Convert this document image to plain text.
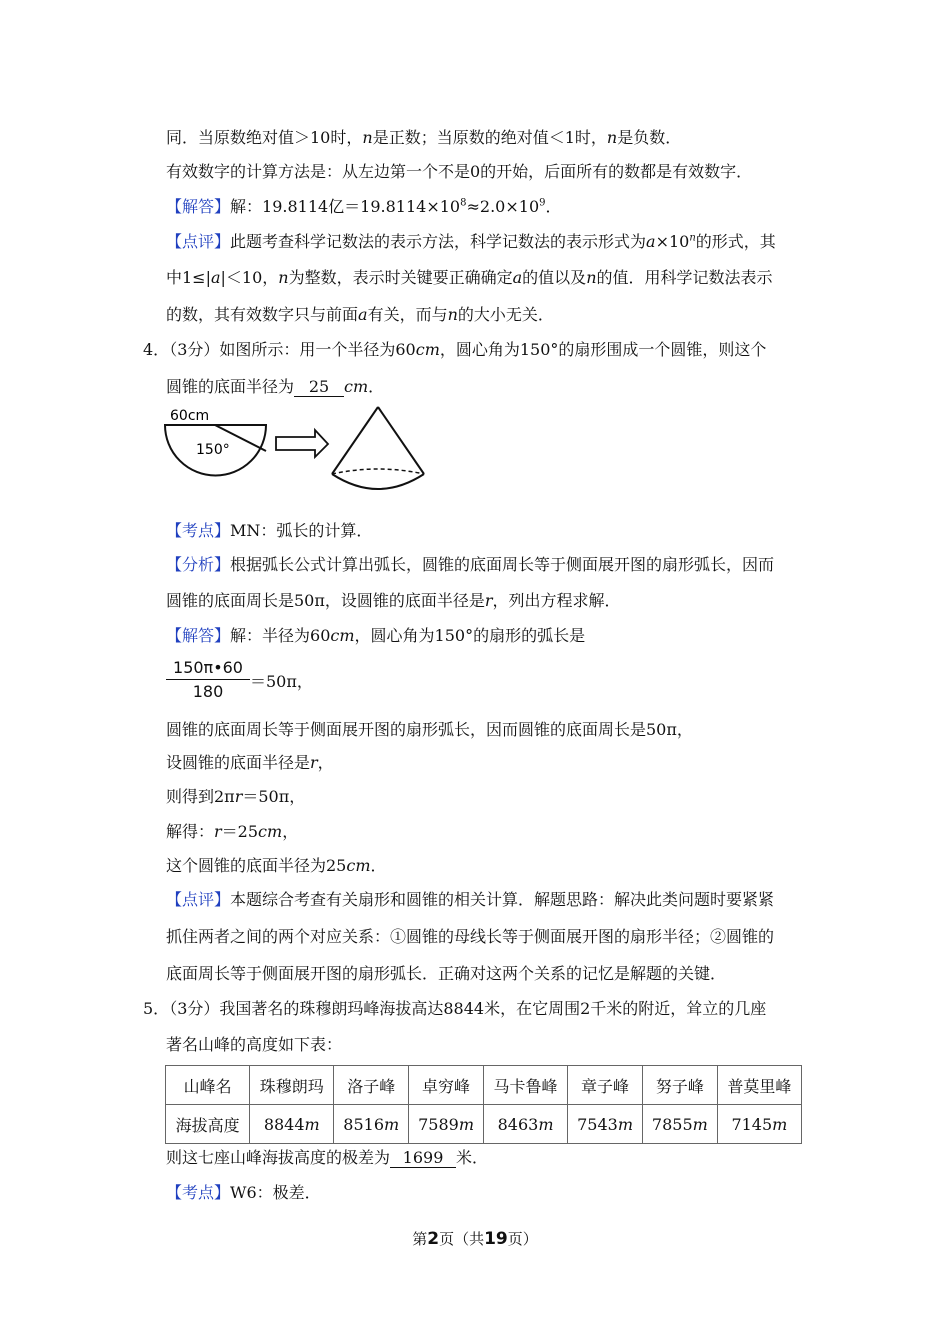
同．当原数绝对值＞10时，n是正数；当原数的绝对值＜1时，n是负数．
有效数字的计算方法是：从左边第一个不是0的开始，后面所有的数都是有效数字．
【解答】解：19.8114亿$=19.8114\times 10^8\approx 2.0\times 10^9$．
【点评】此题考查科学记数法的表示方法，科学记数法的表示形式为$a\times 10^n$的形式，其
中1≤|a|＜10，n为整数，表示时关键要正确确定a的值以及n的值．用科学记数法表示
的数，其有效数字只与前面a有关，而与n的大小无关．
4．（3分）如图所示：用一个半径为60cm，圆心角为150°的扇形围成一个圆锥，则这个
圆锥的底面半径为 25 cm．
60cm
150°
【考点】MN：弧长的计算．
【分析】根据弧长公式计算出弧长，圆锥的底面周长等于侧面展开图的扇形弧长，因而
圆锥的底面周长是50π，设圆锥的底面半径是r，列出方程求解．
【解答】解：半径为60cm，圆心角为150°的扇形的弧长是
$\frac{150\pi•60}{180} =50\pi$，
圆锥的底面周长等于侧面展开图的扇形弧长，因而圆锥的底面周长是50π，
设圆锥的底面半径是r，
则得到2πr＝50π，
解得：r＝25cm，
这个圆锥的底面半径为25cm．
【点评】本题综合考查有关扇形和圆锥的相关计算．解题思路：解决此类问题时要紧紧
抓住两者之间的两个对应关系：①圆锥的母线长等于侧面展开图的扇形半径；②圆锥的
底面周长等于侧面展开图的扇形弧长．正确对这两个关系的记忆是解题的关键．
5．（3分）我国著名的珠穆朗玛峰海拔高达8844米，在它周围2千米的附近，耸立的几座
著名山峰的高度如下表：
山峰名	珠穆朗玛	洛子峰	卓穷峰	马卡鲁峰	章子峰	努子峰	普莫里峰
海拔高度	8844m	8516m	7589m	8463m	7543m	7855m	7145m
则这七座山峰海拔高度的极差为 1699 米．
【考点】W6：极差．
第2页（共19页）
